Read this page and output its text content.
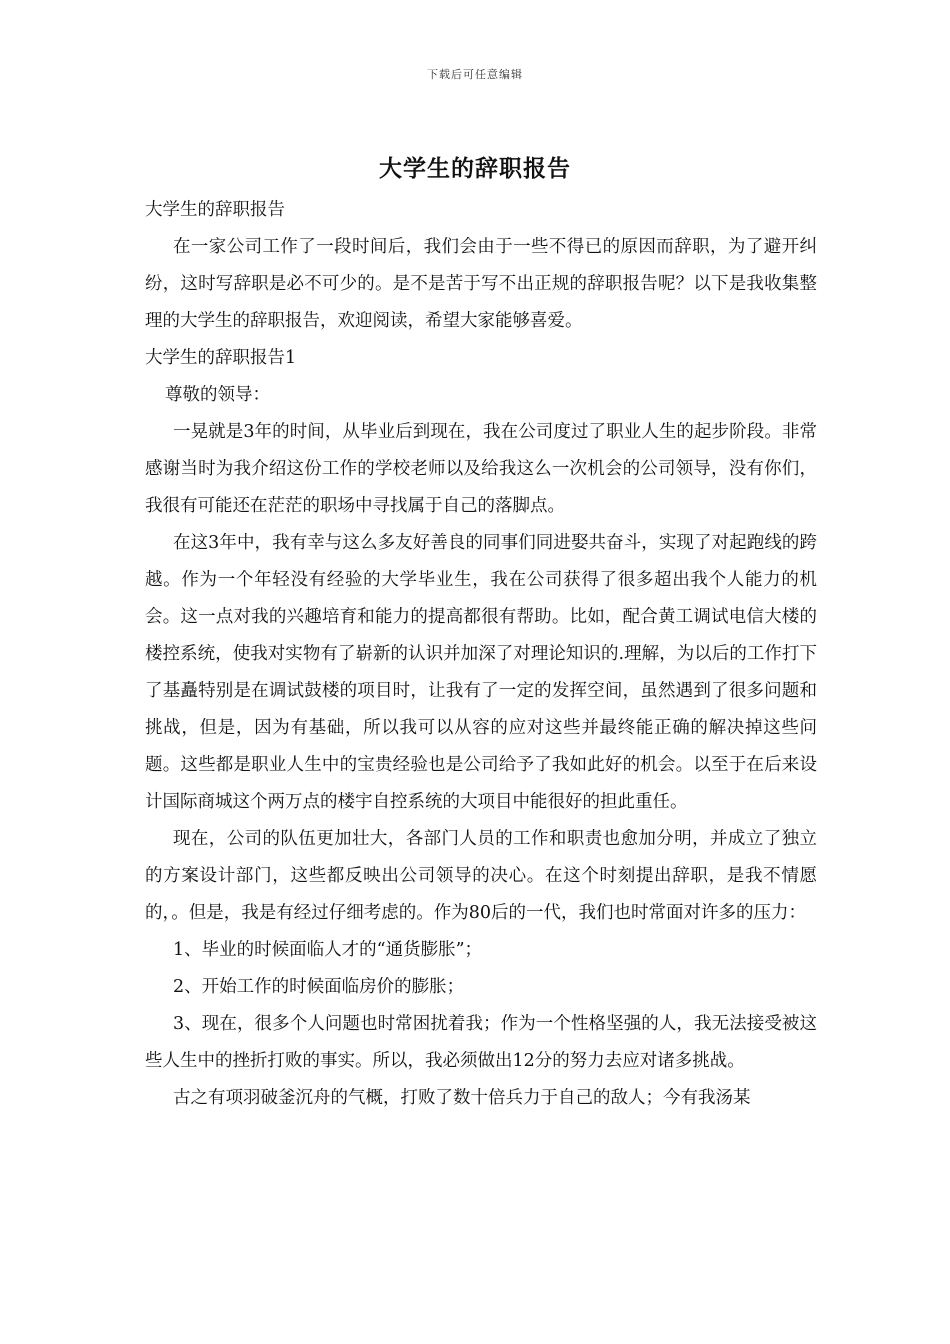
下载后可任意编辑
大学生的辞职报告

大学生的辞职报告

在一家公司工作了一段时间后，我们会由于一些不得已的原因而辞职，为了避开纠纷，这时写辞职是必不可少的。是不是苦于写不出正规的辞职报告呢？以下是我收集整理的大学生的辞职报告，欢迎阅读，希望大家能够喜爱。

大学生的辞职报告1

尊敬的领导：

一晃就是3年的时间，从毕业后到现在，我在公司度过了职业人生的起步阶段。非常感谢当时为我介绍这份工作的学校老师以及给我这么一次机会的公司领导，没有你们，我很有可能还在茫茫的职场中寻找属于自己的落脚点。

在这3年中，我有幸与这么多友好善良的同事们同进娶共奋斗，实现了对起跑线的跨越。作为一个年轻没有经验的大学毕业生，我在公司获得了很多超出我个人能力的机会。这一点对我的兴趣培育和能力的提高都很有帮助。比如，配合黄工调试电信大楼的楼控系统，使我对实物有了崭新的认识并加深了对理论知识的.理解，为以后的工作打下了基矗特别是在调试鼓楼的项目时，让我有了一定的发挥空间，虽然遇到了很多问题和挑战，但是，因为有基础，所以我可以从容的应对这些并最终能正确的解决掉这些问题。这些都是职业人生中的宝贵经验也是公司给予了我如此好的机会。以至于在后来设计国际商城这个两万点的楼宇自控系统的大项目中能很好的担此重任。

现在，公司的队伍更加壮大，各部门人员的工作和职责也愈加分明，并成立了独立的方案设计部门，这些都反映出公司领导的决心。在这个时刻提出辞职，是我不情愿的，。但是，我是有经过仔细考虑的。作为80后的一代，我们也时常面对许多的压力：

1、毕业的时候面临人才的“通货膨胀”；

2、开始工作的时候面临房价的膨胀；

3、现在，很多个人问题也时常困扰着我；作为一个性格坚强的人，我无法接受被这些人生中的挫折打败的事实。所以，我必须做出12分的努力去应对诸多挑战。

古之有项羽破釜沉舟的气概，打败了数十倍兵力于自己的敌人；今有我汤某
